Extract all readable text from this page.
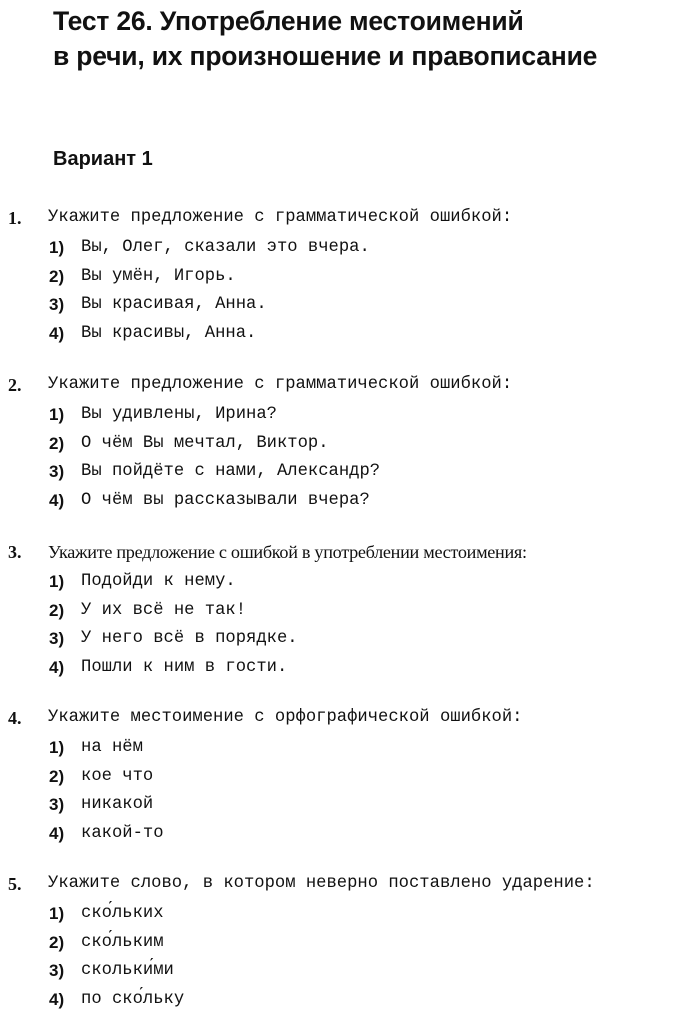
Тест 26. Употребление местоимений
в речи, их произношение и правописание
Вариант 1
1. Укажите предложение с грамматической ошибкой:
1) Вы, Олег, сказали это вчера.
2) Вы умён, Игорь.
3) Вы красивая, Анна.
4) Вы красивы, Анна.
2. Укажите предложение с грамматической ошибкой:
1) Вы удивлены, Ирина?
2) О чём Вы мечтал, Виктор.
3) Вы пойдёте с нами, Александр?
4) О чём вы рассказывали вчера?
3. Укажите предложение с ошибкой в употреблении местоимения:
1) Подойди к нему.
2) У их всё не так!
3) У него всё в порядке.
4) Пошли к ним в гости.
4. Укажите местоимение с орфографической ошибкой:
1) на нём
2) кое что
3) никакой
4) какой-то
5. Укажите слово, в котором неверно поставлено ударение:
1) ско́льких
2) ско́льким
3) скольки́ми
4) по ско́льку
